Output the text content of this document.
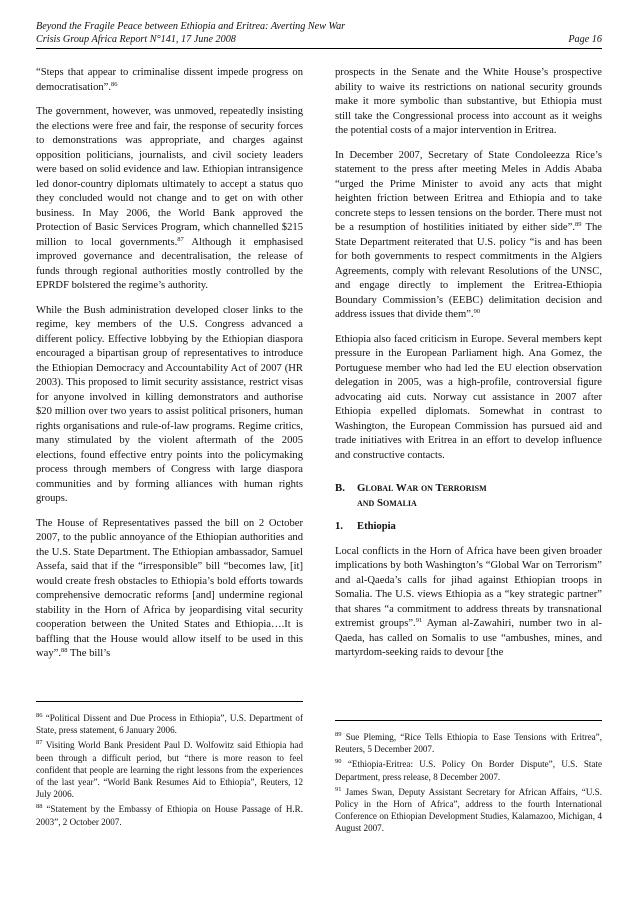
Beyond the Fragile Peace between Ethiopia and Eritrea: Averting New War
Crisis Group Africa Report N°141, 17 June 2008	Page 16

“Steps that appear to criminalise dissent impede progress on democratisation”.$^{86}$

The government, however, was unmoved, repeatedly insisting the elections were free and fair, the response of security forces to demonstrations was appropriate, and charges against opposition politicians, journalists, and civil society leaders were based on solid evidence and law. Ethiopian intransigence led donor-country diplomats ultimately to accept a status quo they concluded would not change and to get on with other business. In May 2006, the World Bank approved the Protection of Basic Services Program, which channelled $215 million to local governments.$^{87}$ Although it emphasised improved governance and decentralisation, the release of funds through regional authorities mostly controlled by the EPRDF bolstered the regime’s authority.

While the Bush administration developed closer links to the regime, key members of the U.S. Congress advanced a different policy. Effective lobbying by the Ethiopian diaspora encouraged a bipartisan group of representatives to introduce the Ethiopian Democracy and Accountability Act of 2007 (HR 2003). This proposed to limit security assistance, restrict visas for anyone involved in killing demonstrators and authorise $20 million over two years to assist political prisoners, human rights organisations and rule-of-law programs. Regime critics, many stimulated by the violent aftermath of the 2005 elections, found effective entry points into the policymaking process through members of Congress with large diaspora communities and by forming alliances with human rights groups.

The House of Representatives passed the bill on 2 October 2007, to the public annoyance of the Ethiopian authorities and the U.S. State Department. The Ethiopian ambassador, Samuel Assefa, said that if the “irresponsible” bill “becomes law, [it] would create fresh obstacles to Ethiopia’s bold efforts towards comprehensive democratic reforms [and] undermine regional stability in the Horn of Africa by jeopardising vital security cooperation between the United States and Ethiopia….It is baffling that the House would allow itself to be used in this way”.$^{88}$ The bill’s

$^{86}$ “Political Dissent and Due Process in Ethiopia”, U.S. Department of State, press statement, 6 January 2006.

$^{87}$ Visiting World Bank President Paul D. Wolfowitz said Ethiopia had been through a difficult period, but “there is more reason to feel confident that people are learning the right lessons from the experiences of the last year”. “World Bank Resumes Aid to Ethiopia”, Reuters, 12 July 2006.

$^{88}$ “Statement by the Embassy of Ethiopia on House Passage of H.R. 2003”, 2 October 2007.

prospects in the Senate and the White House’s prospective ability to waive its restrictions on national security grounds make it more symbolic than substantive, but Ethiopia must still take the Congressional process into account as it weighs the potential costs of a major intervention in Eritrea.

In December 2007, Secretary of State Condoleezza Rice’s statement to the press after meeting Meles in Addis Ababa “urged the Prime Minister to avoid any acts that might heighten friction between Eritrea and Ethiopia and to take concrete steps to lessen tensions on the border. There must not be a resumption of hostilities initiated by either side”.$^{89}$ The State Department reiterated that U.S. policy “is and has been for both governments to respect commitments in the Algiers Agreements, comply with relevant Resolutions of the UNSC, and engage directly to implement the Eritrea-Ethiopia Boundary Commission’s (EEBC) delimitation decision and address issues that divide them”.$^{90}$

Ethiopia also faced criticism in Europe. Several members kept pressure in the European Parliament high. Ana Gomez, the Portuguese member who had led the EU election observation delegation in 2005, was a high-profile, controversial figure advocating aid cuts. Norway cut assistance in 2007 after Ethiopia expelled diplomats. Somewhat in contrast to Washington, the European Commission has pursued aid and trade initiatives with Eritrea in an effort to develop influence and constructive contacts.

B.	Global War on Terrorism
and Somalia
1.	Ethiopia

Local conflicts in the Horn of Africa have been given broader implications by both Washington’s “Global War on Terrorism” and al-Qaeda’s calls for jihad against Ethiopian troops in Somalia. The U.S. views Ethiopia as a “key strategic partner” that shares “a commitment to address threats by transnational extremist groups”.$^{91}$ Ayman al-Zawahiri, number two in al-Qaeda, has called on Somalis to use “ambushes, mines, and martyrdom-seeking raids to devour [the

$^{89}$ Sue Pleming, “Rice Tells Ethiopia to Ease Tensions with Eritrea”, Reuters, 5 December 2007.

$^{90}$ “Ethiopia-Eritrea: U.S. Policy On Border Dispute”, U.S. State Department, press release, 8 December 2007.

$^{91}$ James Swan, Deputy Assistant Secretary for African Affairs, “U.S. Policy in the Horn of Africa”, address to the fourth International Conference on Ethiopian Development Studies, Kalamazoo, Michigan, 4 August 2007.
